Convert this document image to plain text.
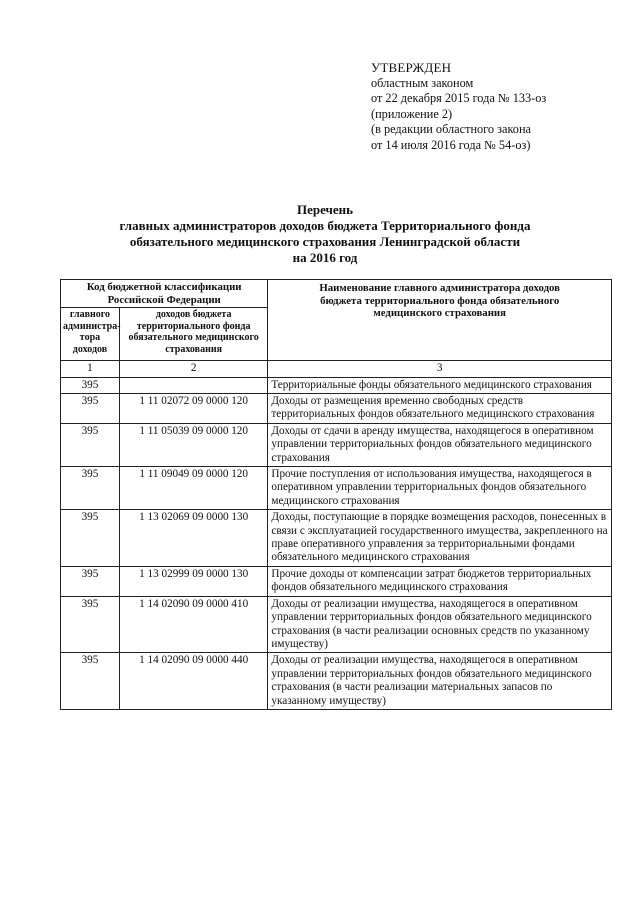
УТВЕРЖДЕН
областным законом
от 22 декабря 2015 года № 133-оз
(приложение 2)
(в редакции областного закона
от 14 июля 2016 года № 54-оз)
Перечень
главных администраторов доходов бюджета Территориального фонда
обязательного медицинского страхования Ленинградской области
на 2016 год
Код бюджетной классификации Российской Федерации		Наименование главного администратора доходов бюджета территориального фонда обязательного медицинского страхования
главного администра-тора доходов	доходов бюджета территориального фонда обязательного медицинского страхования	
1	2	3
395		Территориальные фонды обязательного медицинского страхования
395	1 11 02072 09 0000 120	Доходы от размещения временно свободных средств территориальных фондов обязательного медицинского страхования
395	1 11 05039 09 0000 120	Доходы от сдачи в аренду имущества, находящегося в оперативном управлении территориальных фондов обязательного медицинского страхования
395	1 11 09049 09 0000 120	Прочие поступления от использования имущества, находящегося в оперативном управлении территориальных фондов обязательного медицинского страхования
395	1 13 02069 09 0000 130	Доходы, поступающие в порядке возмещения расходов, понесенных в связи с эксплуатацией государственного имущества, закрепленного на праве оперативного управления за территориальными фондами обязательного медицинского страхования
395	1 13 02999 09 0000 130	Прочие доходы от компенсации затрат бюджетов территориальных фондов обязательного медицинского страхования
395	1 14 02090 09 0000 410	Доходы от реализации имущества, находящегося в оперативном управлении территориальных фондов обязательного медицинского страхования (в части реализации основных средств по указанному имуществу)
395	1 14 02090 09 0000 440	Доходы от реализации имущества, находящегося в оперативном управлении территориальных фондов обязательного медицинского страхования (в части реализации материальных запасов по указанному имуществу)
